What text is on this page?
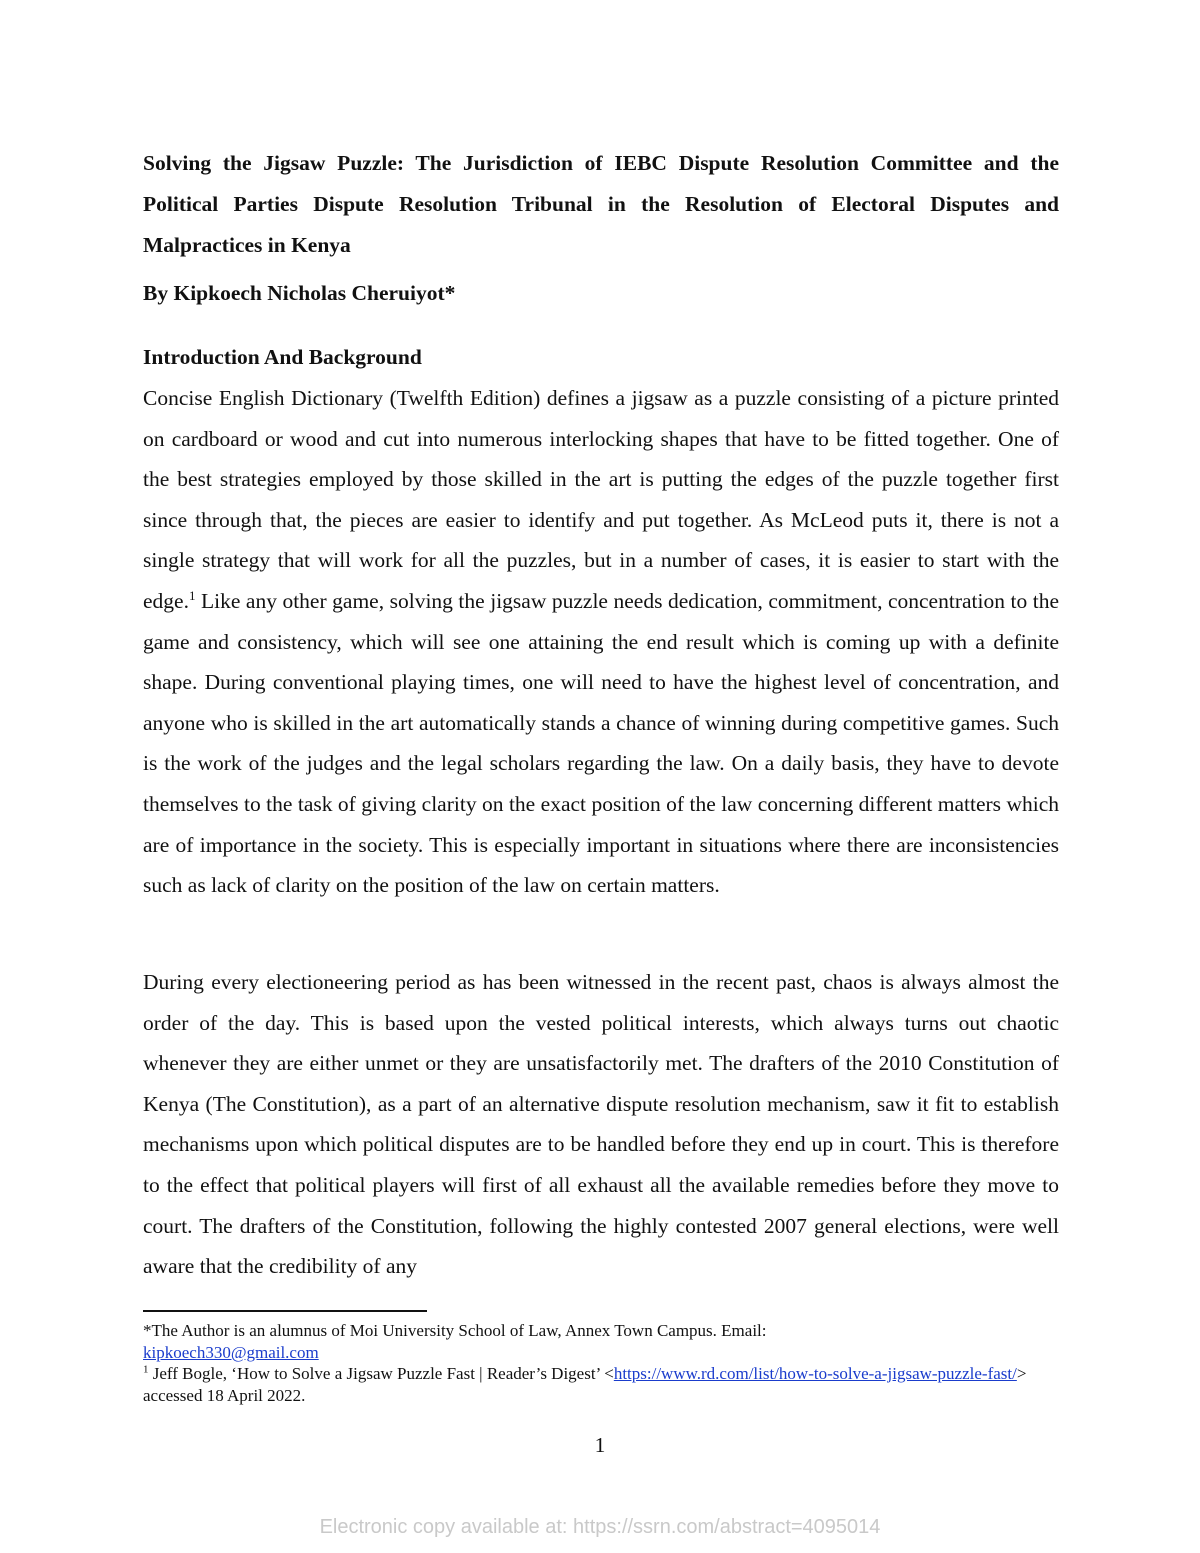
Solving the Jigsaw Puzzle: The Jurisdiction of IEBC Dispute Resolution Committee and the Political Parties Dispute Resolution Tribunal in the Resolution of Electoral Disputes and Malpractices in Kenya

By Kipkoech Nicholas Cheruiyot*

Introduction And Background

Concise English Dictionary (Twelfth Edition) defines a jigsaw as a puzzle consisting of a picture printed on cardboard or wood and cut into numerous interlocking shapes that have to be fitted together. One of the best strategies employed by those skilled in the art is putting the edges of the puzzle together first since through that, the pieces are easier to identify and put together. As McLeod puts it, there is not a single strategy that will work for all the puzzles, but in a number of cases, it is easier to start with the edge.$^1$ Like any other game, solving the jigsaw puzzle needs dedication, commitment, concentration to the game and consistency, which will see one attaining the end result which is coming up with a definite shape. During conventional playing times, one will need to have the highest level of concentration, and anyone who is skilled in the art automatically stands a chance of winning during competitive games. Such is the work of the judges and the legal scholars regarding the law. On a daily basis, they have to devote themselves to the task of giving clarity on the exact position of the law concerning different matters which are of importance in the society. This is especially important in situations where there are inconsistencies such as lack of clarity on the position of the law on certain matters.

During every electioneering period as has been witnessed in the recent past, chaos is always almost the order of the day. This is based upon the vested political interests, which always turns out chaotic whenever they are either unmet or they are unsatisfactorily met. The drafters of the 2010 Constitution of Kenya (The Constitution), as a part of an alternative dispute resolution mechanism, saw it fit to establish mechanisms upon which political disputes are to be handled before they end up in court. This is therefore to the effect that political players will first of all exhaust all the available remedies before they move to court. The drafters of the Constitution, following the highly contested 2007 general elections, were well aware that the credibility of any

*The Author is an alumnus of Moi University School of Law, Annex Town Campus. Email:
kipkoech330@gmail.com

$^1$ Jeff Bogle, ‘How to Solve a Jigsaw Puzzle Fast | Reader’s Digest’ <https://www.rd.com/list/how-to-solve-a-jigsaw-puzzle-fast/> accessed 18 April 2022.

1

Electronic copy available at: https://ssrn.com/abstract=4095014
